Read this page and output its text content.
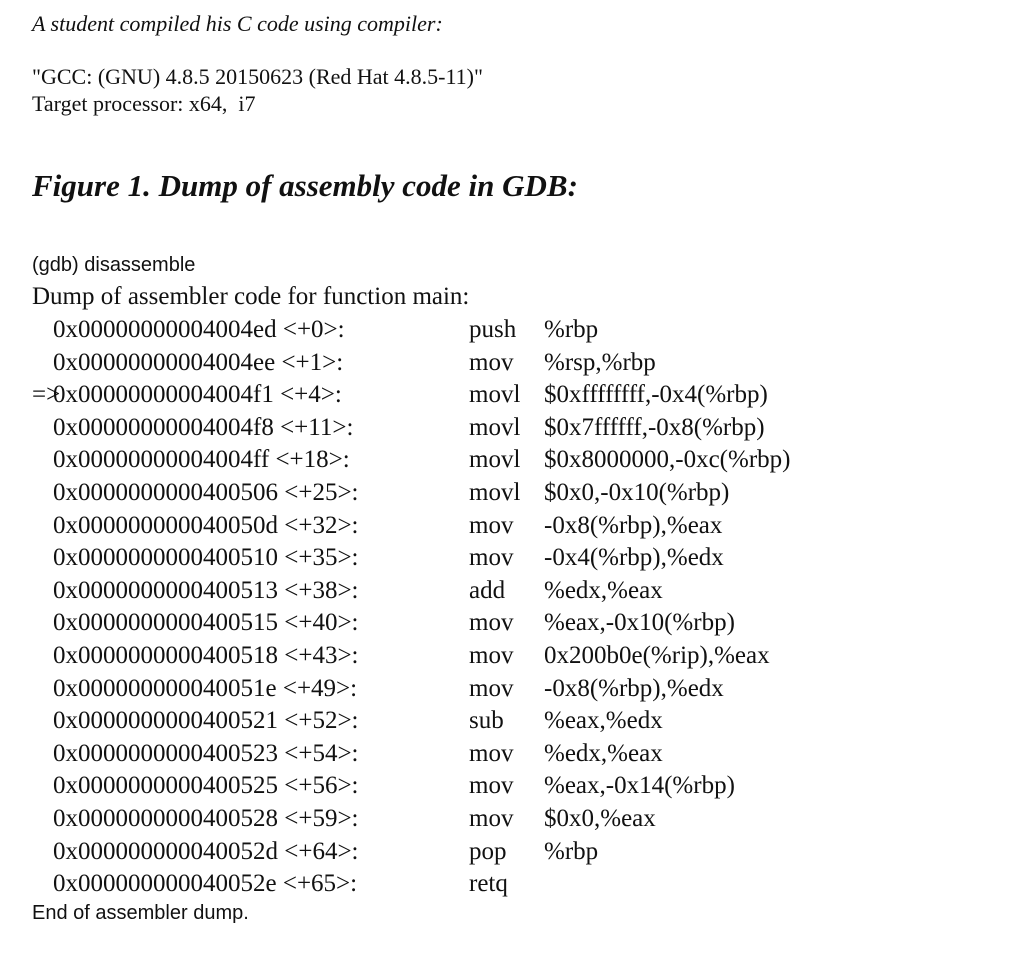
A student compiled his C code using compiler:
"GCC: (GNU) 4.8.5 20150623 (Red Hat 4.8.5-11)"
Target processor: x64,  i7
Figure 1. Dump of assembly code in GDB:
(gdb) disassemble
Dump of assembler code for function main:
0x00000000004004ed <+0>:	push %rbp
0x00000000004004ee <+1>:	mov %rsp,%rbp
=>
0x00000000004004f1 <+4>:	movl $0xffffffff,-0x4(%rbp)
0x00000000004004f8 <+11>:	movl $0x7ffffff,-0x8(%rbp)
0x00000000004004ff <+18>:	movl $0x8000000,-0xc(%rbp)
0x0000000000400506 <+25>:	movl $0x0,-0x10(%rbp)
0x000000000040050d <+32>:	mov -0x8(%rbp),%eax
0x0000000000400510 <+35>:	mov -0x4(%rbp),%edx
0x0000000000400513 <+38>:	add %edx,%eax
0x0000000000400515 <+40>:	mov %eax,-0x10(%rbp)
0x0000000000400518 <+43>:	mov 0x200b0e(%rip),%eax
0x000000000040051e <+49>:	mov -0x8(%rbp),%edx
0x0000000000400521 <+52>:	sub %eax,%edx
0x0000000000400523 <+54>:	mov %edx,%eax
0x0000000000400525 <+56>:	mov %eax,-0x14(%rbp)
0x0000000000400528 <+59>:	mov $0x0,%eax
0x000000000040052d <+64>:	pop %rbp
0x000000000040052e <+65>:	retq
End of assembler dump.
